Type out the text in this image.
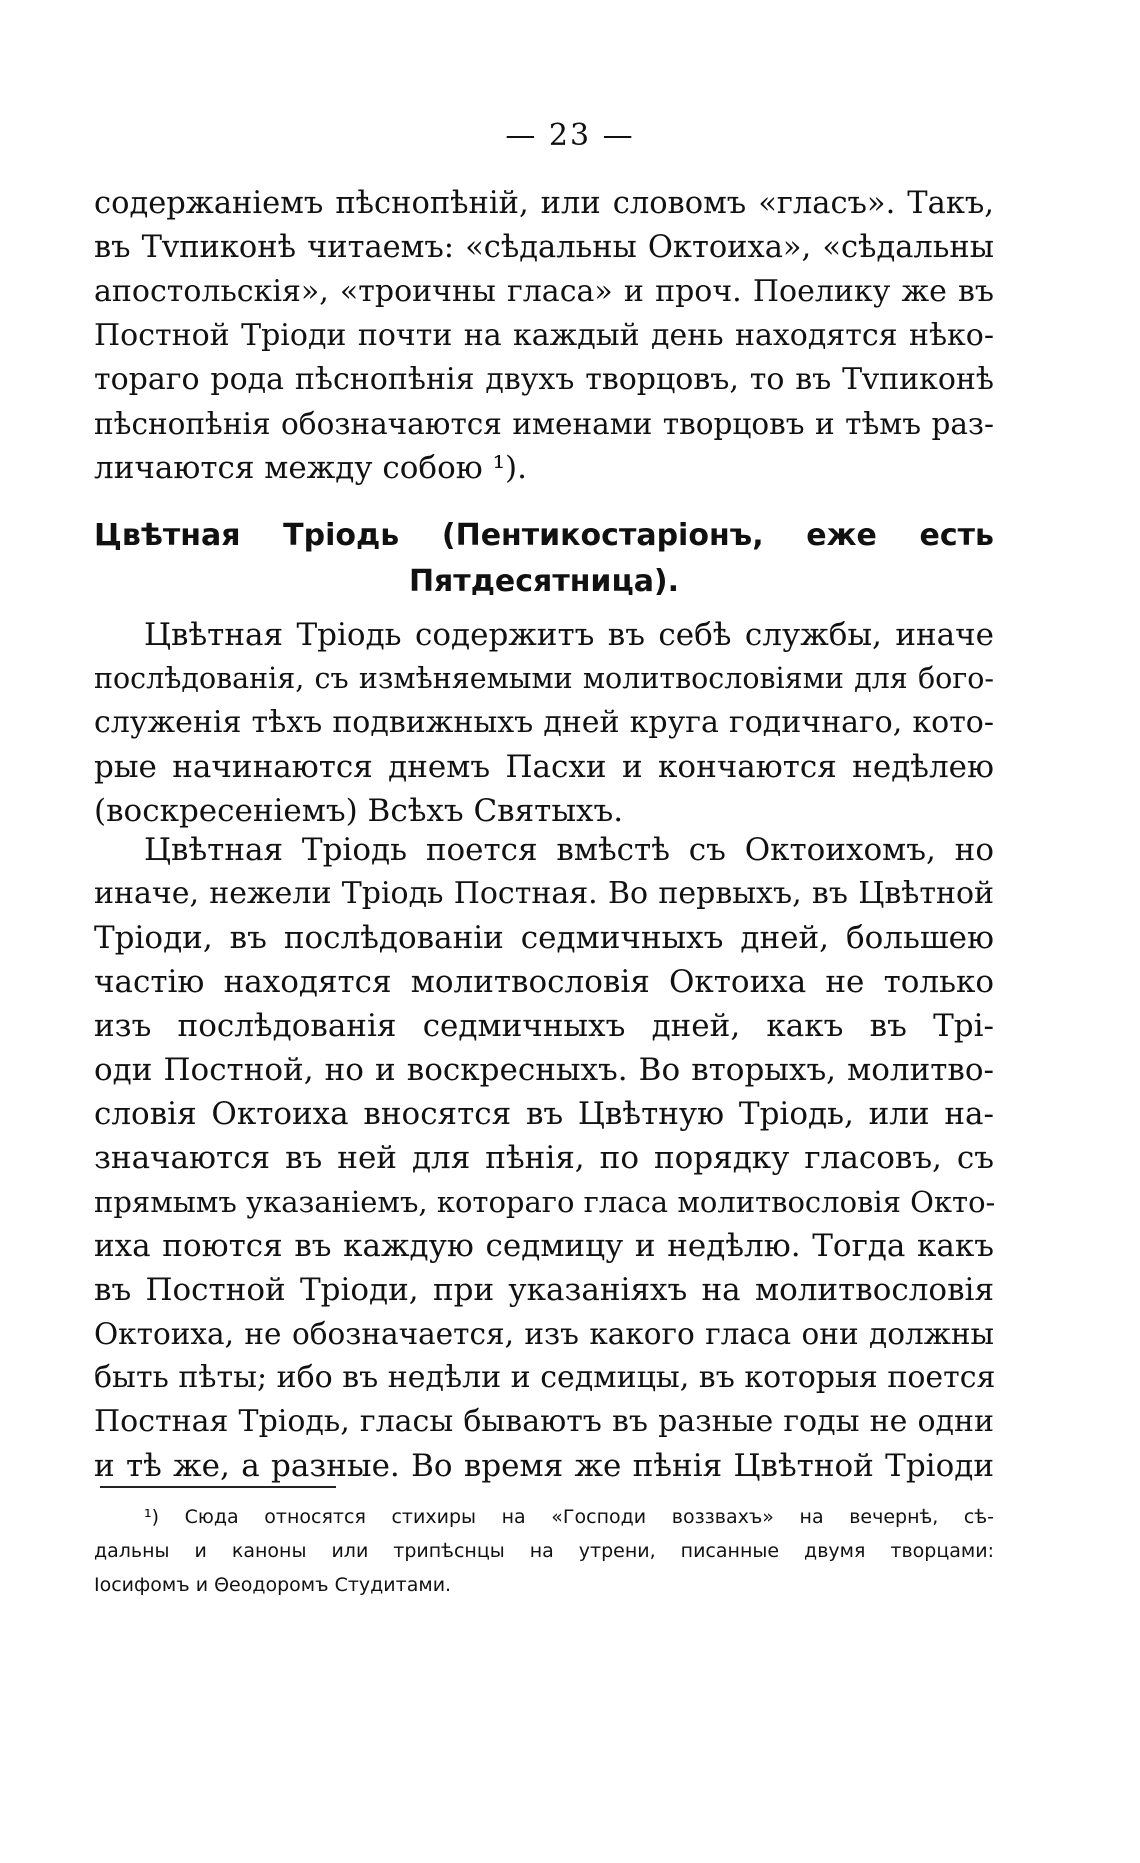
— 23 —
содержаніемъ пѣснопѣній, или словомъ «гласъ». Такъ,
въ Тvпиконѣ читаемъ: «сѣдальны Октоиха», «сѣдальны
апостольскія», «троичны гласа» и проч. Поелику же въ
Постной Тріоди почти на каждый день находятся нѣко-
тораго рода пѣснопѣнія двухъ творцовъ, то въ Тvпиконѣ
пѣснопѣнія обозначаются именами творцовъ и тѣмъ раз-
личаются между собою ¹).
Цвѣтная Тріодь (Пентикостаріонъ, еже есть
Пятдесятница).
Цвѣтная Тріодь содержитъ въ себѣ службы, иначе
послѣдованія, съ измѣняемыми молитвословіями для бого-
служенія тѣхъ подвижныхъ дней круга годичнаго, кото-
рые начинаются днемъ Пасхи и кончаются недѣлею
(воскресеніемъ) Всѣхъ Святыхъ.
Цвѣтная Тріодь поется вмѣстѣ съ Октоихомъ, но
иначе, нежели Тріодь Постная. Во первыхъ, въ Цвѣтной
Тріоди, въ послѣдованіи седмичныхъ дней, большею
частію находятся молитвословія Октоиха не только
изъ послѣдованія седмичныхъ дней, какъ въ Трі-
оди Постной, но и воскресныхъ. Во вторыхъ, молитво-
словія Октоиха вносятся въ Цвѣтную Тріодь, или на-
значаются въ ней для пѣнія, по порядку гласовъ, съ
прямымъ указаніемъ, котораго гласа молитвословія Окто-
иха поются въ каждую седмицу и недѣлю. Тогда какъ
въ Постной Тріоди, при указаніяхъ на молитвословія
Октоиха, не обозначается, изъ какого гласа они должны
быть пѣты; ибо въ недѣли и седмицы, въ которыя поется
Постная Тріодь, гласы бываютъ въ разные годы не одни
и тѣ же, а разные. Во время же пѣнія Цвѣтной Тріоди
¹) Сюда относятся стихиры на «Господи воззвахъ» на вечернѣ, сѣ-
дальны и каноны или трипѣснцы на утрени, писанные двумя творцами:
Іосифомъ и Θеодоромъ Студитами.
